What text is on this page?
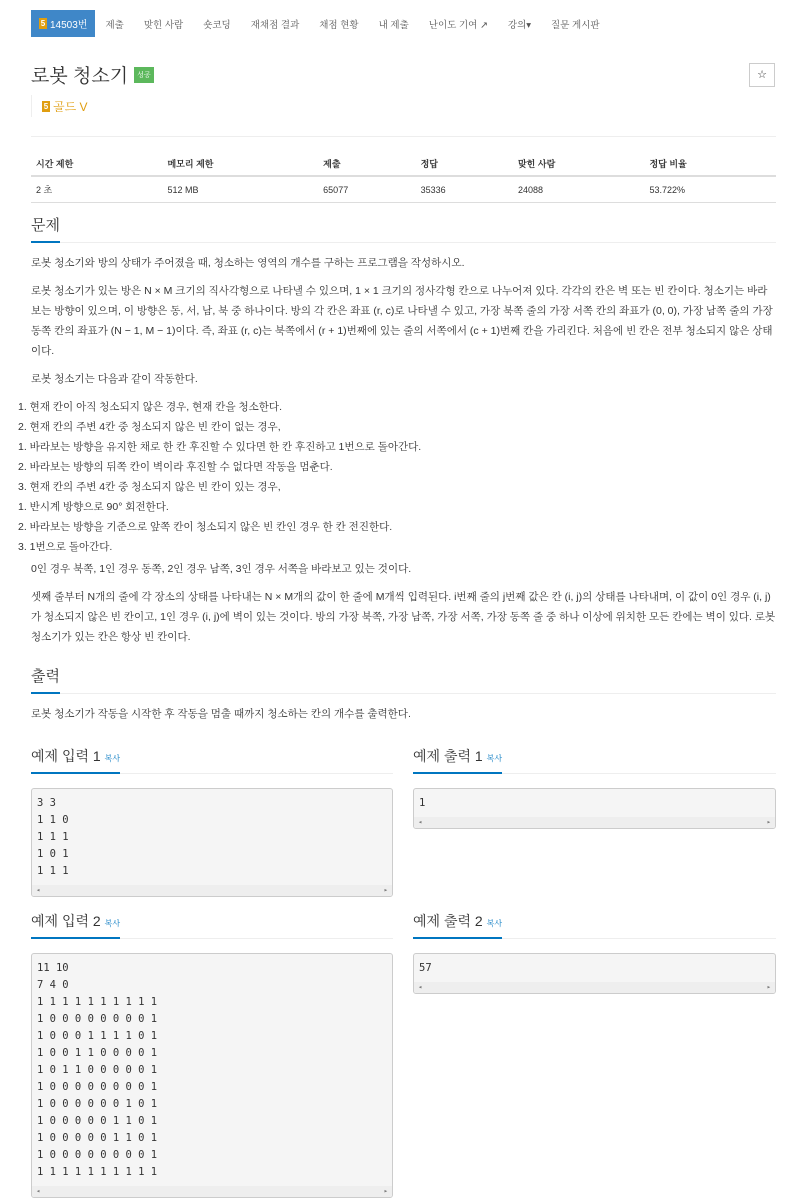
5 14503번	제출	맞힌 사람	숏코딩	재채점 결과	채점 현황	내 제출	난이도 기여 ↗	강의▾	질문 게시판
로봇 청소기	성공	☆
5 골드 V
시간 제한	메모리 제한	제출	정답	맞힌 사람	정답 비율
2 초	512 MB	65077	35336	24088	53.722%
문제
로봇 청소기와 방의 상태가 주어졌을 때, 청소하는 영역의 개수를 구하는 프로그램을 작성하시오.
로봇 청소기가 있는 방은 N × M 크기의 직사각형으로 나타낼 수 있으며, 1 × 1 크기의 정사각형 칸으로 나누어져 있다. 각각의 칸은 벽 또는 빈 칸이다. 청소기는 바라보는 방향이 있으며, 이 방향은 동, 서, 남, 북 중 하나이다. 방의 각 칸은 좌표 (r, c)로 나타낼 수 있고, 가장 북쪽 줄의 가장 서쪽 칸의 좌표가 (0, 0), 가장 남쪽 줄의 가장 동쪽 칸의 좌표가 (N − 1, M − 1)이다. 즉, 좌표 (r, c)는 북쪽에서 (r + 1)번째에 있는 줄의 서쪽에서 (c + 1)번째 칸을 가리킨다. 처음에 빈 칸은 전부 청소되지 않은 상태이다.
로봇 청소기는 다음과 같이 작동한다.
1. 현재 칸이 아직 청소되지 않은 경우, 현재 칸을 청소한다.
2. 현재 칸의 주변 4칸 중 청소되지 않은 빈 칸이 없는 경우,
1. 바라보는 방향을 유지한 채로 한 칸 후진할 수 있다면 한 칸 후진하고 1번으로 돌아간다.
2. 바라보는 방향의 뒤쪽 칸이 벽이라 후진할 수 없다면 작동을 멈춘다.
3. 현재 칸의 주변 4칸 중 청소되지 않은 빈 칸이 있는 경우,
1. 반시계 방향으로 90° 회전한다.
2. 바라보는 방향을 기준으로 앞쪽 칸이 청소되지 않은 빈 칸인 경우 한 칸 전진한다.
3. 1번으로 돌아간다.
0인 경우 북쪽, 1인 경우 동쪽, 2인 경우 남쪽, 3인 경우 서쪽을 바라보고 있는 것이다.
셋째 줄부터 N개의 줄에 각 장소의 상태를 나타내는 N × M개의 값이 한 줄에 M개씩 입력된다. i번째 줄의 j번째 값은 칸 (i, j)의 상태를 나타내며, 이 값이 0인 경우 (i, j)가 청소되지 않은 빈 칸이고, 1인 경우 (i, j)에 벽이 있는 것이다. 방의 가장 북쪽, 가장 남쪽, 가장 서쪽, 가장 동쪽 줄 중 하나 이상에 위치한 모든 칸에는 벽이 있다. 로봇 청소기가 있는 칸은 항상 빈 칸이다.
출력
로봇 청소기가 작동을 시작한 후 작동을 멈출 때까지 청소하는 칸의 개수를 출력한다.
예제 입력 1 복사
3 3
1 1 0
1 1 1
1 0 1
1 1 1
◂	▸
예제 출력 1 복사
1
◂	▸
예제 입력 2 복사
11 10
7 4 0
1 1 1 1 1 1 1 1 1 1
1 0 0 0 0 0 0 0 0 1
1 0 0 0 1 1 1 1 0 1
1 0 0 1 1 0 0 0 0 1
1 0 1 1 0 0 0 0 0 1
1 0 0 0 0 0 0 0 0 1
1 0 0 0 0 0 0 1 0 1
1 0 0 0 0 0 1 1 0 1
1 0 0 0 0 0 1 1 0 1
1 0 0 0 0 0 0 0 0 1
1 1 1 1 1 1 1 1 1 1
◂	▸
예제 출력 2 복사
57
◂	▸
